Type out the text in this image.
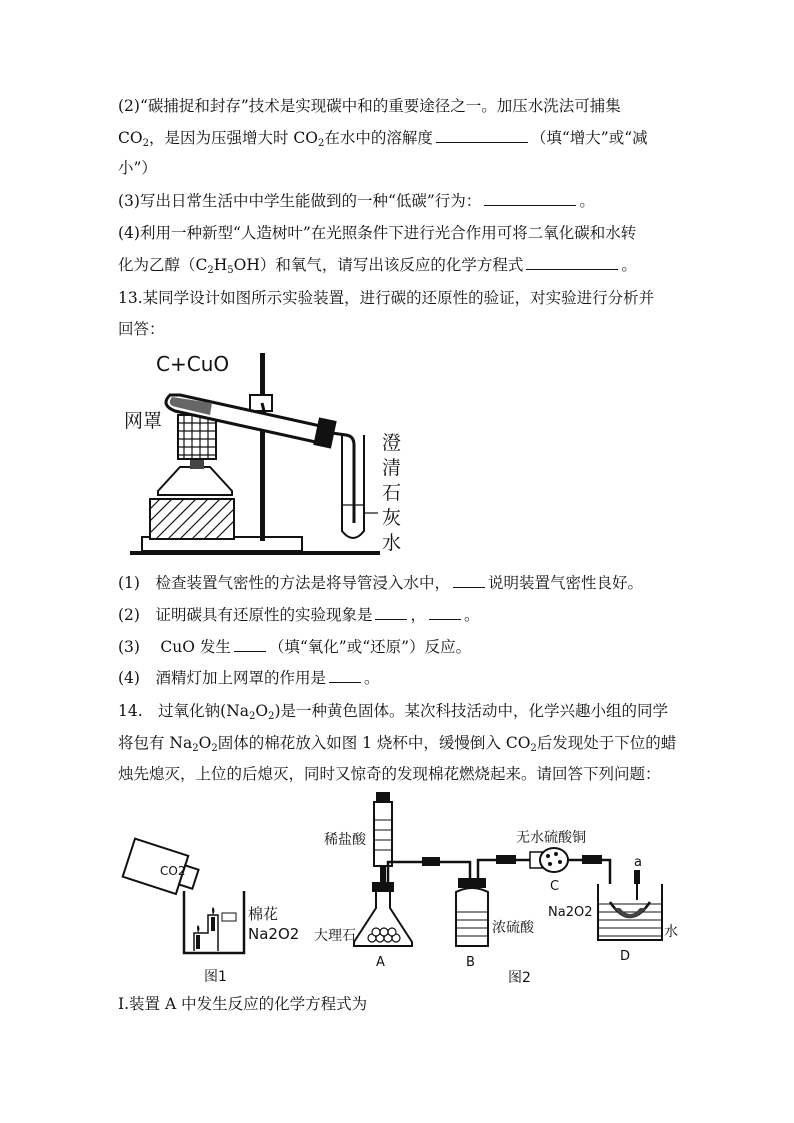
(2)“碳捕捉和封存”技术是实现碳中和的重要途径之一。加压水洗法可捕集
$CO_2$，是因为压强增大时 $CO_2$在水中的溶解度	（填“增大”或“减
小”）
(3)写出日常生活中中学生能做到的一种“低碳”行为：	。
(4)利用一种新型“人造树叶”在光照条件下进行光合作用可将二氧化碳和水转
化为乙醇$(C_2H_5OH)$和氧气，请写出该反应的化学方程式	。
13.某同学设计如图所示实验装置，进行碳的还原性的验证，对实验进行分析并
回答：
C+CuO
网罩
澄
清
石
灰
水
(1)　检查装置气密性的方法是将导管浸入水中， 说明装置气密性良好。
(2)　证明碳具有还原性的实验现象是 ， 。
(3)　 CuO 发生 （填“氧化”或“还原”）反应。
(4)　酒精灯加上网罩的作用是 。
14.　过氧化钠$(Na_2O_2)$是一种黄色固体。某次科技活动中，化学兴趣小组的同学
将包有 $Na_2O_2$固体的棉花放入如图 1 烧杯中，缓慢倒入 $CO_2$后发现处于下位的蜡
烛先熄灭，上位的后熄灭，同时又惊奇的发现棉花燃烧起来。请回答下列问题：
CO2
棉花
Na2O2
图1
稀盐酸
大理石	浓硫酸
无水硫酸铜
Na2O2
水
a
A	B
C
D
图2
Ⅰ.装置 A 中发生反应的化学方程式为
